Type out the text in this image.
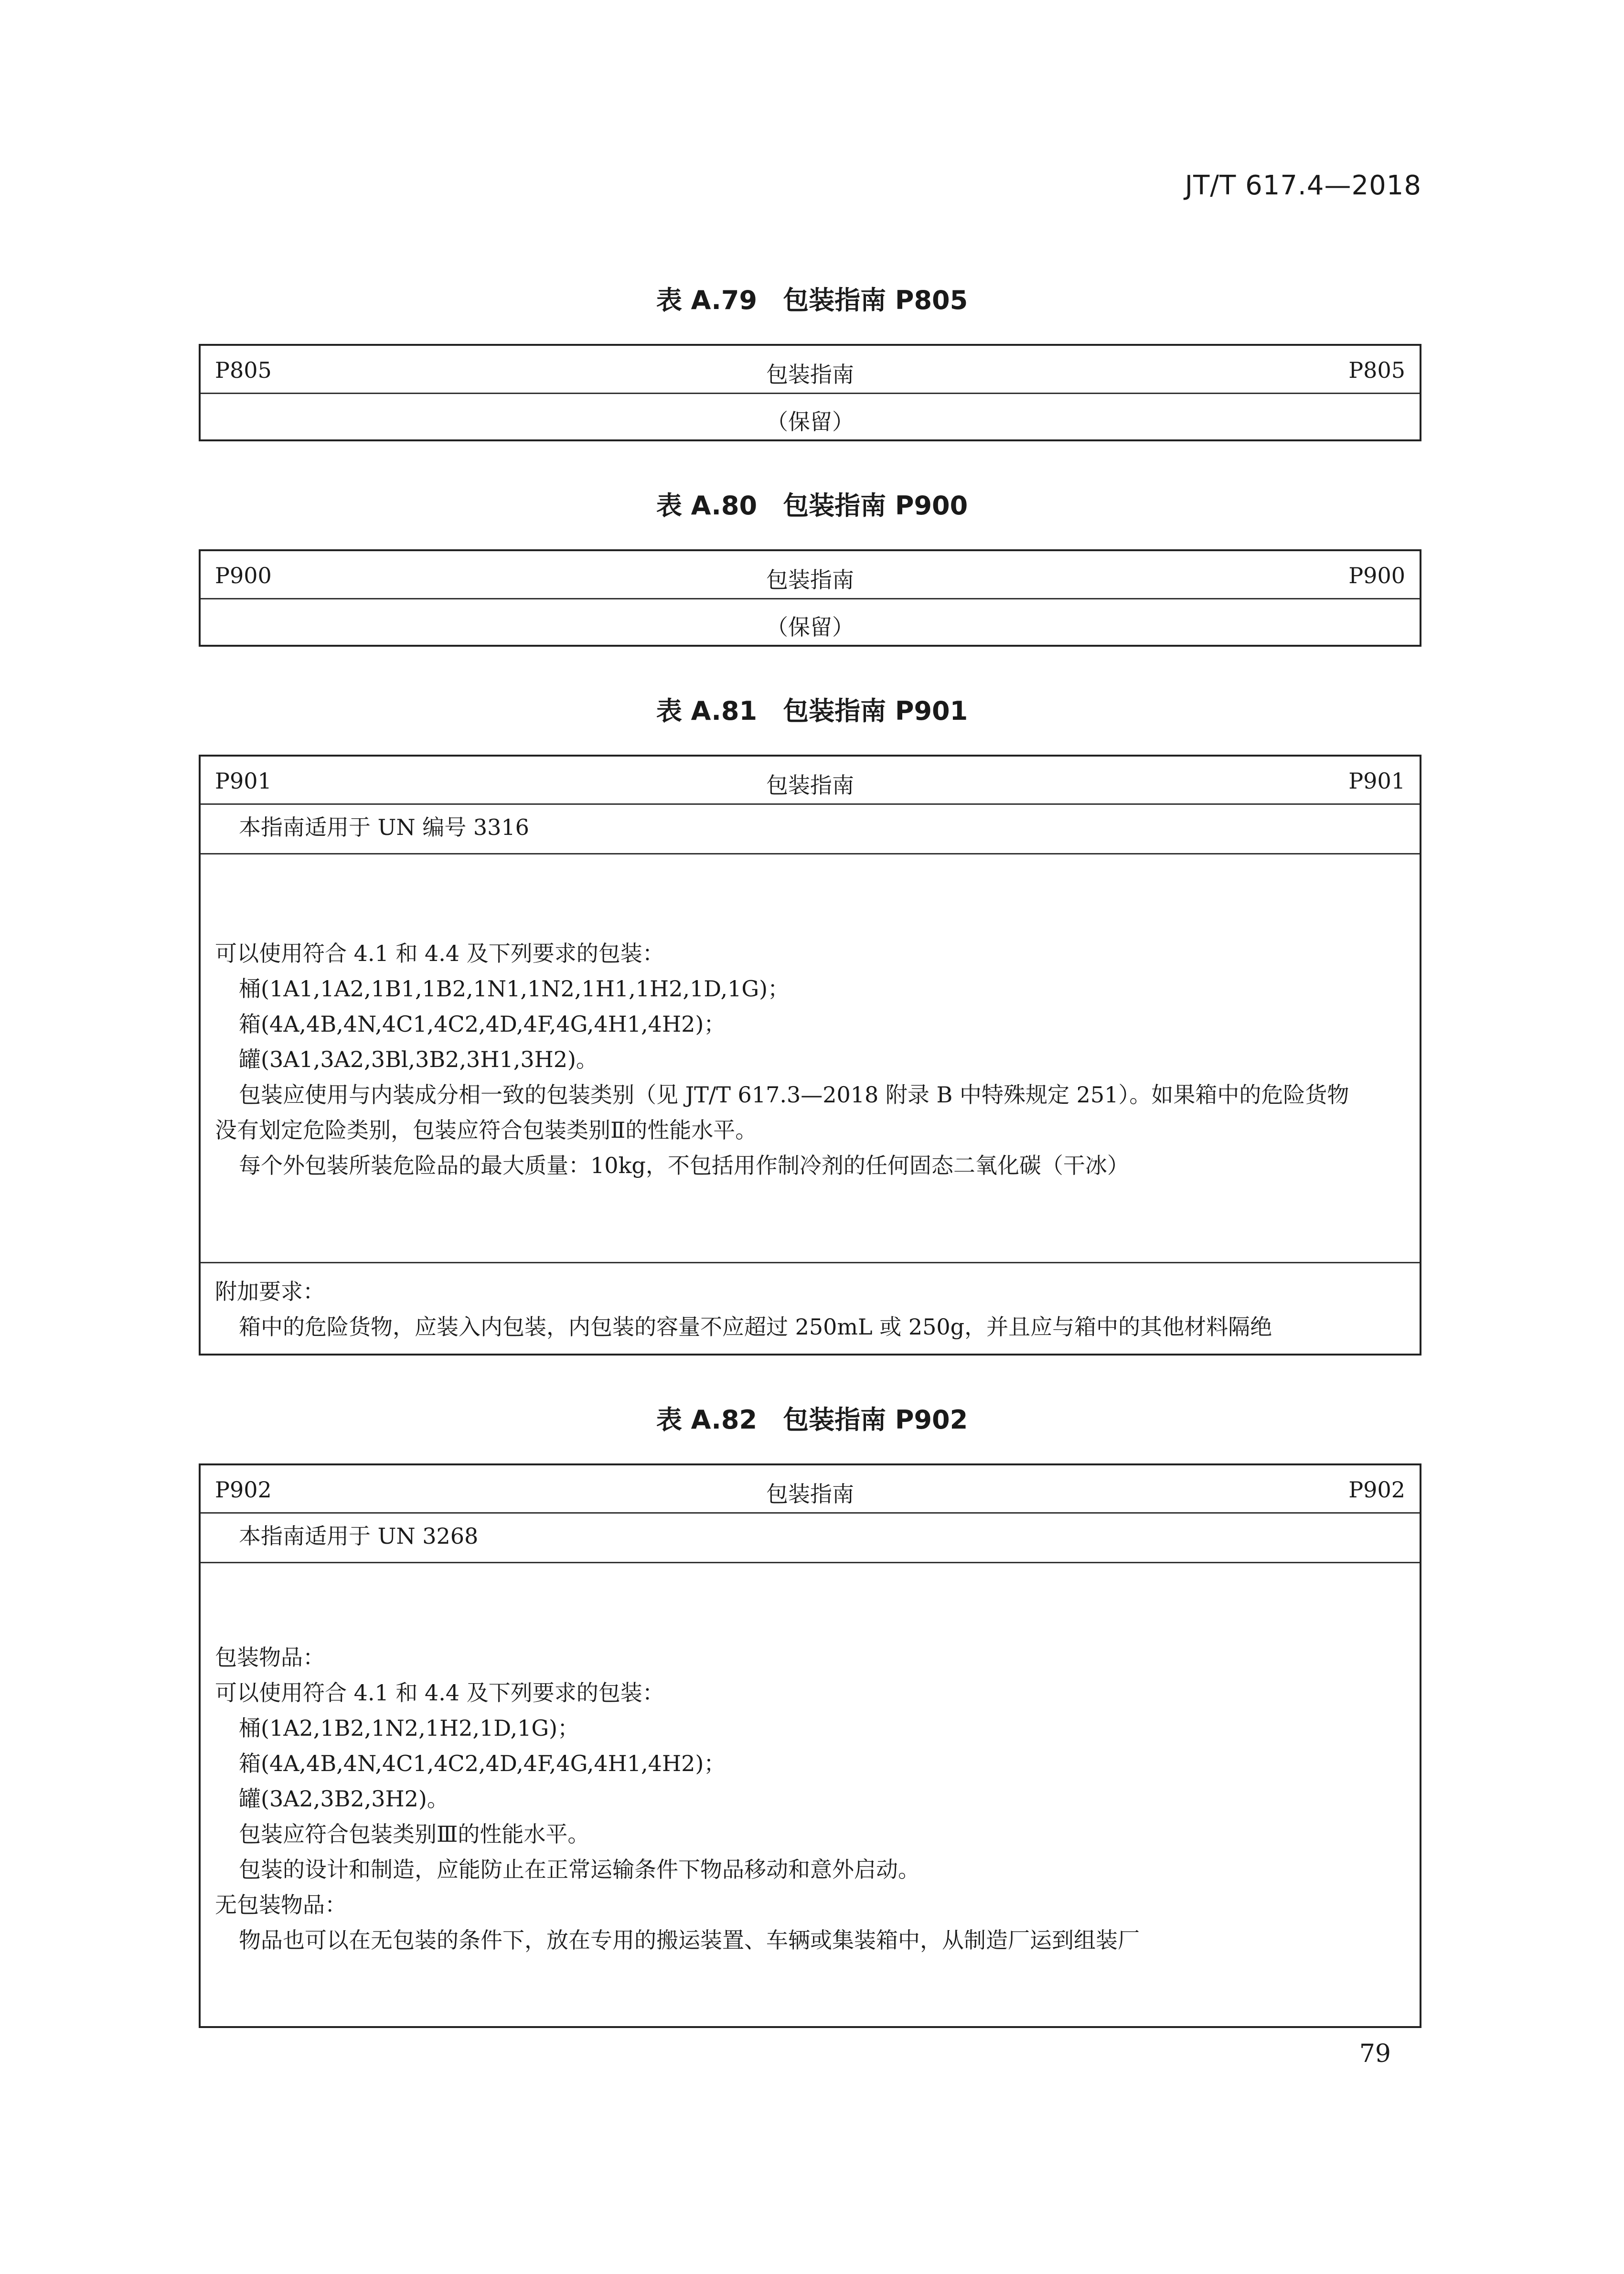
JT/T 617.4—2018
表 A.79　包装指南 P805
P805	包装指南	P805
（保留）
表 A.80　包装指南 P900
P900	包装指南	P900
（保留）
表 A.81　包装指南 P901
P901	包装指南	P901
本指南适用于 UN 编号 3316
可以使用符合 4.1 和 4.4 及下列要求的包装：
桶(1A1,1A2,1B1,1B2,1N1,1N2,1H1,1H2,1D,1G)；
箱(4A,4B,4N,4C1,4C2,4D,4F,4G,4H1,4H2)；
罐(3A1,3A2,3Bl,3B2,3H1,3H2)。
包装应使用与内装成分相一致的包装类别（见 JT/T 617.3—2018 附录 B 中特殊规定 251）。如果箱中的危险货物
没有划定危险类别，包装应符合包装类别Ⅱ的性能水平。
每个外包装所装危险品的最大质量：10kg，不包括用作制冷剂的任何固态二氧化碳（干冰）
附加要求：
箱中的危险货物，应装入内包装，内包装的容量不应超过 250mL 或 250g，并且应与箱中的其他材料隔绝
表 A.82　包装指南 P902
P902	包装指南	P902
本指南适用于 UN 3268
包装物品：
可以使用符合 4.1 和 4.4 及下列要求的包装：
桶(1A2,1B2,1N2,1H2,1D,1G)；
箱(4A,4B,4N,4C1,4C2,4D,4F,4G,4H1,4H2)；
罐(3A2,3B2,3H2)。
包装应符合包装类别Ⅲ的性能水平。
包装的设计和制造，应能防止在正常运输条件下物品移动和意外启动。
无包装物品：
物品也可以在无包装的条件下，放在专用的搬运装置、车辆或集装箱中，从制造厂运到组装厂
79
